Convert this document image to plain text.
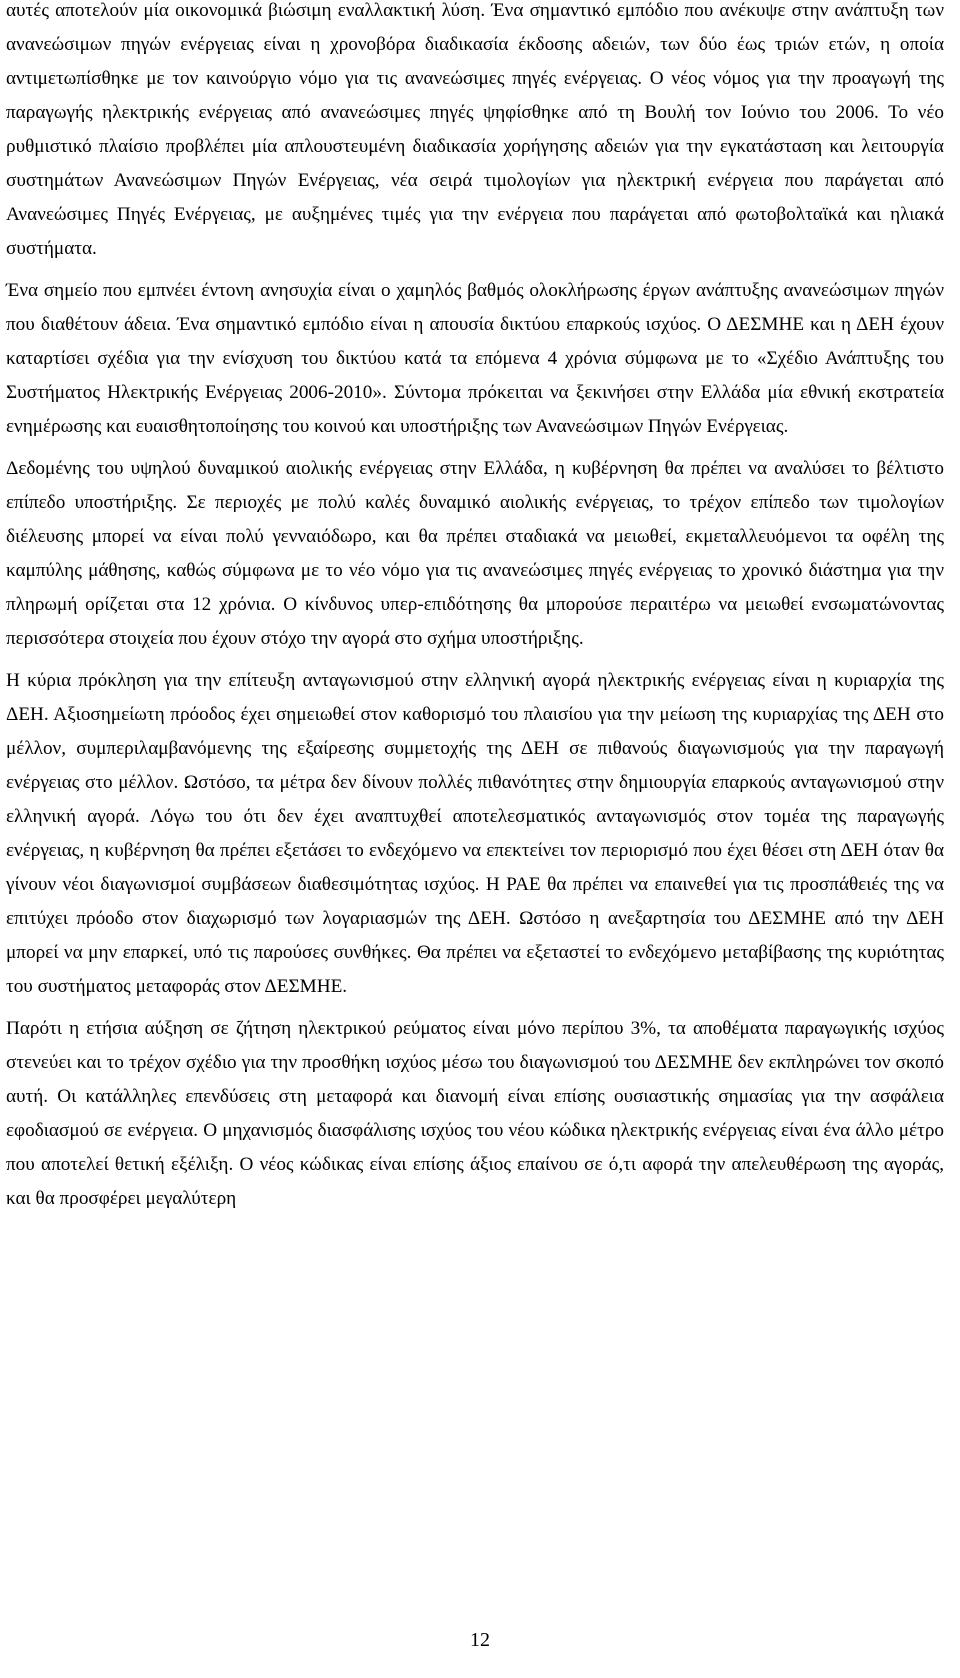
αυτές αποτελούν μία οικονομικά βιώσιμη εναλλακτική λύση. Ένα σημαντικό εμπόδιο που ανέκυψε στην ανάπτυξη των ανανεώσιμων πηγών ενέργειας είναι η χρονοβόρα διαδικασία έκδοσης αδειών, των δύο έως τριών ετών, η οποία αντιμετωπίσθηκε με τον καινούργιο νόμο για τις ανανεώσιμες πηγές ενέργειας. Ο νέος νόμος για την προαγωγή της παραγωγής ηλεκτρικής ενέργειας από ανανεώσιμες πηγές ψηφίσθηκε από τη Βουλή τον Ιούνιο του 2006. Το νέο ρυθμιστικό πλαίσιο προβλέπει μία απλουστευμένη διαδικασία χορήγησης αδειών για την εγκατάσταση και λειτουργία συστημάτων Ανανεώσιμων Πηγών Ενέργειας, νέα σειρά τιμολογίων για ηλεκτρική ενέργεια που παράγεται από Ανανεώσιμες Πηγές Ενέργειας, με αυξημένες τιμές για την ενέργεια που παράγεται από φωτοβολταϊκά και ηλιακά συστήματα.

Ένα σημείο που εμπνέει έντονη ανησυχία είναι ο χαμηλός βαθμός ολοκλήρωσης έργων ανάπτυξης ανανεώσιμων πηγών που διαθέτουν άδεια. Ένα σημαντικό εμπόδιο είναι η απουσία δικτύου επαρκούς ισχύος. Ο ΔΕΣΜΗΕ και η ΔΕΗ έχουν καταρτίσει σχέδια για την ενίσχυση του δικτύου κατά τα επόμενα 4 χρόνια σύμφωνα με το «Σχέδιο Ανάπτυξης του Συστήματος Ηλεκτρικής Ενέργειας 2006-2010». Σύντομα πρόκειται να ξεκινήσει στην Ελλάδα μία εθνική εκστρατεία ενημέρωσης και ευαισθητοποίησης του κοινού και υποστήριξης των Ανανεώσιμων Πηγών Ενέργειας.

Δεδομένης του υψηλού δυναμικού αιολικής ενέργειας στην Ελλάδα, η κυβέρνηση θα πρέπει να αναλύσει το βέλτιστο επίπεδο υποστήριξης. Σε περιοχές με πολύ καλές δυναμικό αιολικής ενέργειας, το τρέχον επίπεδο των τιμολογίων διέλευσης μπορεί να είναι πολύ γενναιόδωρο, και θα πρέπει σταδιακά να μειωθεί, εκμεταλλευόμενοι τα οφέλη της καμπύλης μάθησης, καθώς σύμφωνα με το νέο νόμο για τις ανανεώσιμες πηγές ενέργειας το χρονικό διάστημα για την πληρωμή ορίζεται στα 12 χρόνια. Ο κίνδυνος υπερ-επιδότησης θα μπορούσε περαιτέρω να μειωθεί ενσωματώνοντας περισσότερα στοιχεία που έχουν στόχο την αγορά στο σχήμα υποστήριξης.

Η κύρια πρόκληση για την επίτευξη ανταγωνισμού στην ελληνική αγορά ηλεκτρικής ενέργειας είναι η κυριαρχία της ΔΕΗ. Αξιοσημείωτη πρόοδος έχει σημειωθεί στον καθορισμό του πλαισίου για την μείωση της κυριαρχίας της ΔΕΗ στο μέλλον, συμπεριλαμβανόμενης της εξαίρεσης συμμετοχής της ΔΕΗ σε πιθανούς διαγωνισμούς για την παραγωγή ενέργειας στο μέλλον. Ωστόσο, τα μέτρα δεν δίνουν πολλές πιθανότητες στην δημιουργία επαρκούς ανταγωνισμού στην ελληνική αγορά. Λόγω του ότι δεν έχει αναπτυχθεί αποτελεσματικός ανταγωνισμός στον τομέα της παραγωγής ενέργειας, η κυβέρνηση θα πρέπει εξετάσει το ενδεχόμενο να επεκτείνει τον περιορισμό που έχει θέσει στη ΔΕΗ όταν θα γίνουν νέοι διαγωνισμοί συμβάσεων διαθεσιμότητας ισχύος. Η ΡΑΕ θα πρέπει να επαινεθεί για τις προσπάθειές της να επιτύχει πρόοδο στον διαχωρισμό των λογαριασμών της ΔΕΗ. Ωστόσο η ανεξαρτησία του ΔΕΣΜΗΕ από την ΔΕΗ μπορεί να μην επαρκεί, υπό τις παρούσες συνθήκες. Θα πρέπει να εξεταστεί το ενδεχόμενο μεταβίβασης της κυριότητας του συστήματος μεταφοράς στον ΔΕΣΜΗΕ.

Παρότι η ετήσια αύξηση σε ζήτηση ηλεκτρικού ρεύματος είναι μόνο περίπου 3%, τα αποθέματα παραγωγικής ισχύος στενεύει και το τρέχον σχέδιο για την προσθήκη ισχύος μέσω του διαγωνισμού του ΔΕΣΜΗΕ δεν εκπληρώνει τον σκοπό αυτή. Οι κατάλληλες επενδύσεις στη μεταφορά και διανομή είναι επίσης ουσιαστικής σημασίας για την ασφάλεια εφοδιασμού σε ενέργεια. Ο μηχανισμός διασφάλισης ισχύος του νέου κώδικα ηλεκτρικής ενέργειας είναι ένα άλλο μέτρο που αποτελεί θετική εξέλιξη. Ο νέος κώδικας είναι επίσης άξιος επαίνου σε ό,τι αφορά την απελευθέρωση της αγοράς, και θα προσφέρει μεγαλύτερη

12
